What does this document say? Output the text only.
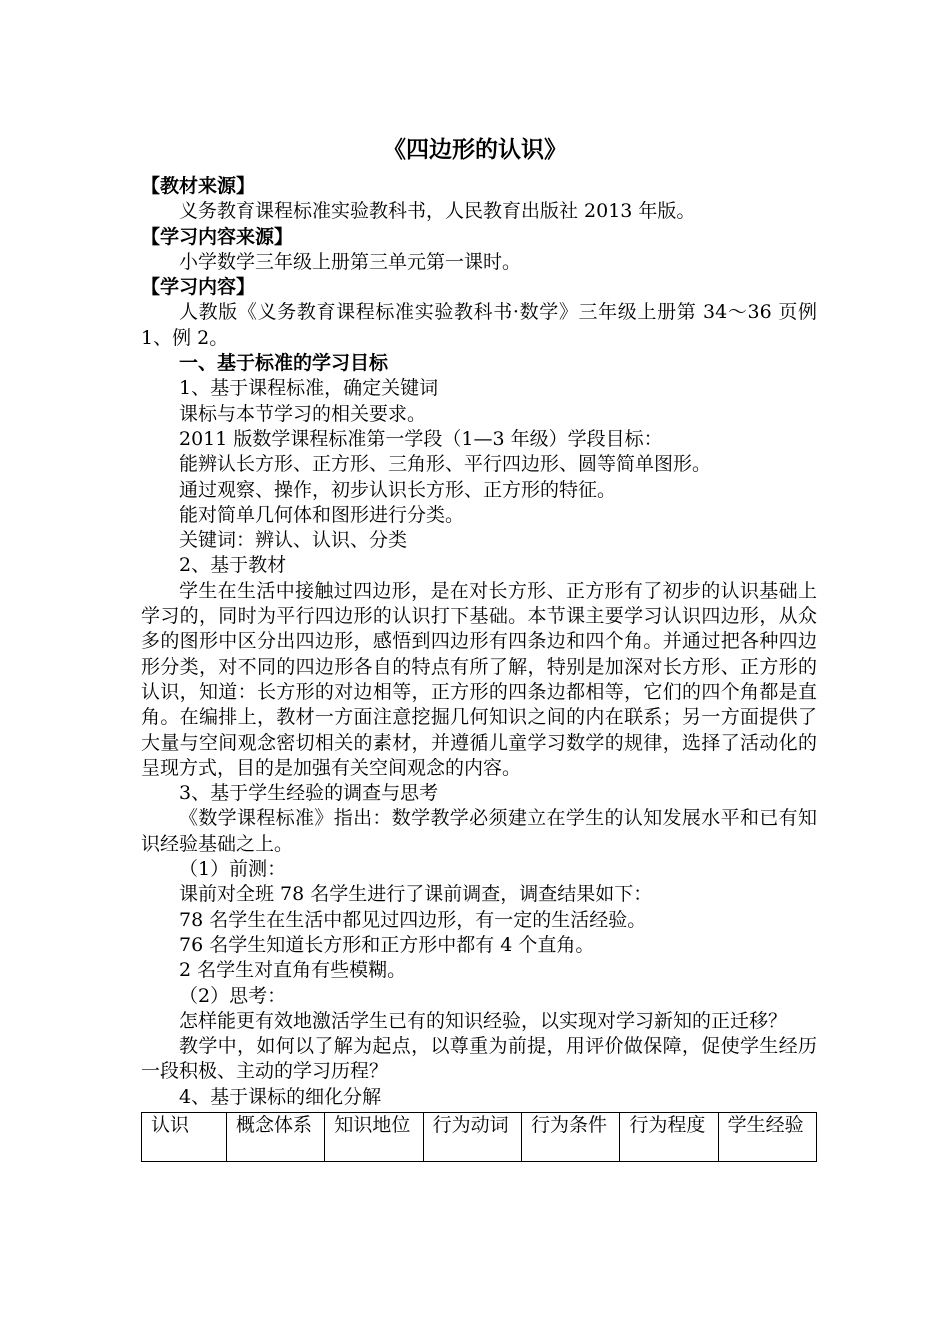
《四边形的认识》

【教材来源】

义务教育课程标准实验教科书，人民教育出版社 2013 年版。

【学习内容来源】

小学数学三年级上册第三单元第一课时。

【学习内容】

人教版《义务教育课程标准实验教科书·数学》三年级上册第 34～36 页例 1、例 2。

一、基于标准的学习目标

1、基于课程标准，确定关键词

课标与本节学习的相关要求。

2011 版数学课程标准第一学段（1—3 年级）学段目标：

能辨认长方形、正方形、三角形、平行四边形、圆等简单图形。

通过观察、操作，初步认识长方形、正方形的特征。

能对简单几何体和图形进行分类。

关键词：辨认、认识、分类

2、基于教材

学生在生活中接触过四边形，是在对长方形、正方形有了初步的认识基础上学习的，同时为平行四边形的认识打下基础。本节课主要学习认识四边形，从众多的图形中区分出四边形，感悟到四边形有四条边和四个角。并通过把各种四边形分类，对不同的四边形各自的特点有所了解，特别是加深对长方形、正方形的认识，知道：长方形的对边相等，正方形的四条边都相等，它们的四个角都是直角。在编排上，教材一方面注意挖掘几何知识之间的内在联系；另一方面提供了大量与空间观念密切相关的素材，并遵循儿童学习数学的规律，选择了活动化的呈现方式，目的是加强有关空间观念的内容。

3、基于学生经验的调查与思考

《数学课程标准》指出：数学教学必须建立在学生的认知发展水平和已有知识经验基础之上。

（1）前测：

课前对全班 78 名学生进行了课前调查，调查结果如下：

78 名学生在生活中都见过四边形，有一定的生活经验。

76 名学生知道长方形和正方形中都有 4 个直角。

2 名学生对直角有些模糊。

（2）思考：

怎样能更有效地激活学生已有的知识经验，以实现对学习新知的正迁移？

教学中，如何以了解为起点，以尊重为前提，用评价做保障，促使学生经历一段积极、主动的学习历程？

4、基于课标的细化分解

认识	概念体系	知识地位	行为动词	行为条件	行为程度	学生经验
